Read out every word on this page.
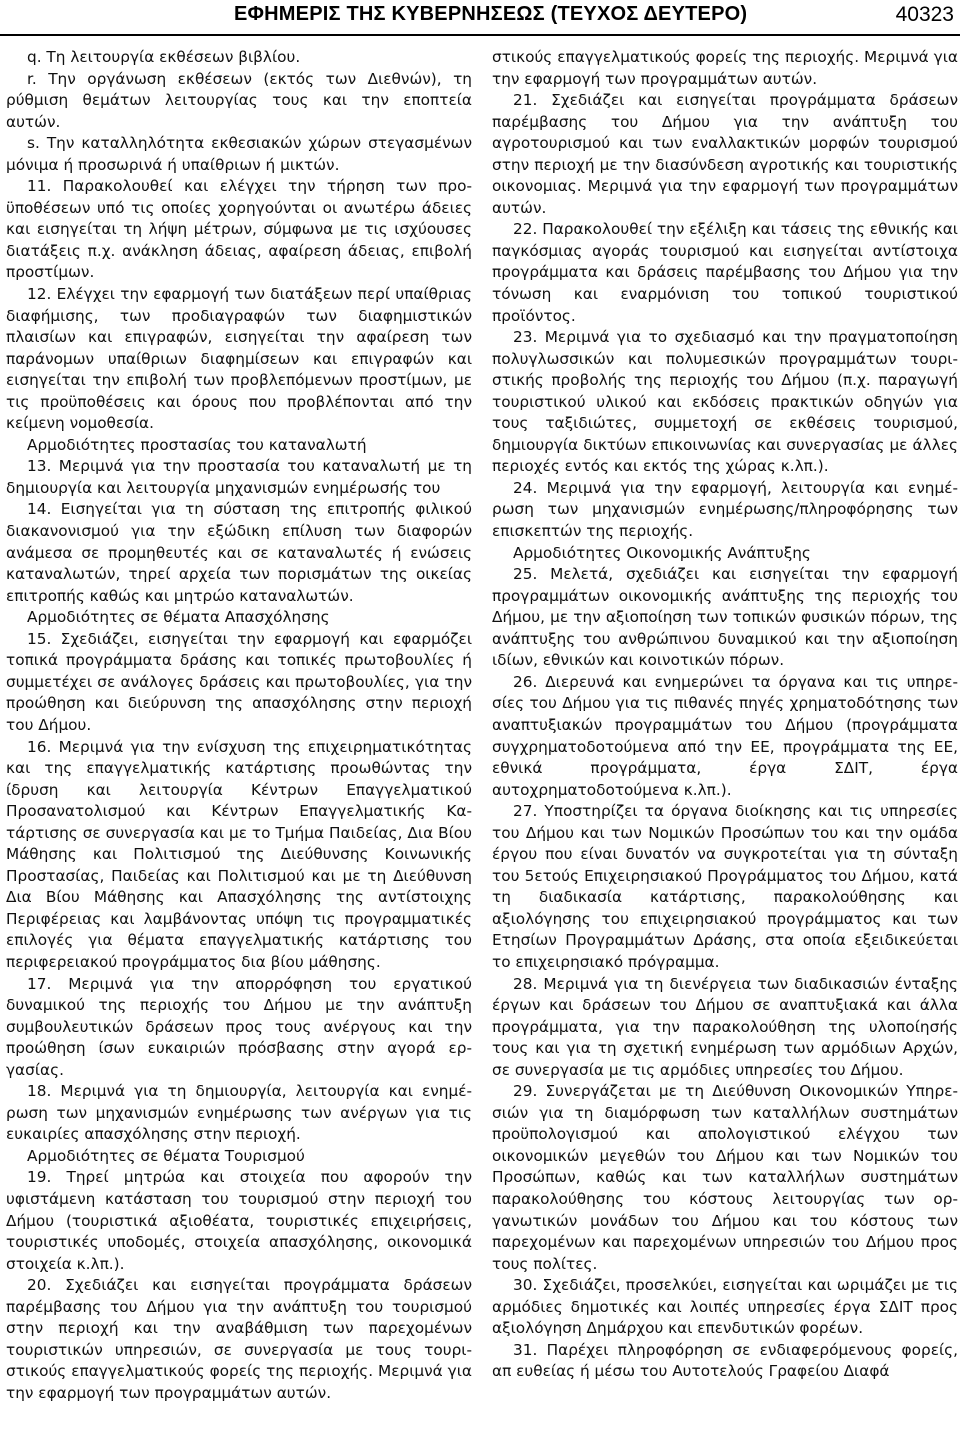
ΕΦΗΜΕΡΙΣ ΤΗΣ ΚΥΒΕΡΝΗΣΕΩΣ (ΤΕΥΧΟΣ ΔΕΥΤΕΡΟ)	40323

q. Τη λειτουργία εκθέσεων βιβλίου.

r. Την οργάνωση εκθέσεων (εκτός των Διεθνών), τη ρύθμιση θεμάτων λειτουργίας τους και την εποπτεία αυτών.

s. Την καταλληλότητα εκθεσιακών χώρων στεγασμένων μόνιμα ή προσωρινά ή υπαίθριων ή μικτών.

11. Παρακολουθεί και ελέγχει την τήρηση των προϋποθέσεων υπό τις οποίες χορηγούνται οι ανωτέρω άδειες και εισηγείται τη λήψη μέτρων, σύμφωνα με τις ισχύουσες διατάξεις π.χ. ανάκληση άδειας, αφαίρεση άδειας, επιβολή προστίμων.

12. Ελέγχει την εφαρμογή των διατάξεων περί υπαίθριας διαφήμισης, των προδιαγραφών των διαφημιστικών πλαισίων και επιγραφών, εισηγείται την αφαίρεση των παράνομων υπαίθριων διαφημίσεων και επιγραφών και εισηγείται την επιβολή των προβλεπόμενων προστίμων, με τις προϋποθέσεις και όρους που προβλέπονται από την κείμενη νομοθεσία.

Αρμοδιότητες προστασίας του καταναλωτή

13. Μεριμνά για την προστασία του καταναλωτή με τη δημιουργία και λειτουργία μηχανισμών ενημέρωσής του

14. Εισηγείται για τη σύσταση της επιτροπής φιλικού διακανονισμού για την εξώδικη επίλυση των διαφορών ανάμεσα σε προμηθευτές και σε καταναλωτές ή ενώσεις καταναλωτών, τηρεί αρχεία των πορισμάτων της οικείας επιτροπής καθώς και μητρώο καταναλωτών.

Αρμοδιότητες σε θέματα Απασχόλησης

15. Σχεδιάζει, εισηγείται την εφαρμογή και εφαρμόζει τοπικά προγράμματα δράσης και τοπικές πρωτοβουλίες ή συμμετέχει σε ανάλογες δράσεις και πρωτοβουλίες, για την προώθηση και διεύρυνση της απασχόλησης στην περιοχή του Δήμου.

16. Μεριμνά για την ενίσχυση της επιχειρηματικότητας και της επαγγελματικής κατάρτισης προωθώντας την ίδρυση και λειτουργία Κέντρων Επαγγελματικού Προσανατολισμού και Κέντρων Επαγγελματικής Κατάρτισης σε συνεργασία και με το Τμήμα Παιδείας, Δια Βίου Μάθησης και Πολιτισμού της Διεύθυνσης Κοινωνικής Προστασίας, Παιδείας και Πολιτισμού και με τη Διεύθυνση Δια Βίου Μάθησης και Απασχόλησης της αντίστοιχης Περιφέρειας και λαμβάνοντας υπόψη τις προγραμματικές επιλογές για θέματα επαγγελματικής κατάρτισης του περιφερειακού προγράμματος δια βίου μάθησης.

17. Μεριμνά για την απορρόφηση του εργατικού δυναμικού της περιοχής του Δήμου με την ανάπτυξη συμβουλευτικών δράσεων προς τους ανέργους και την προώθηση ίσων ευκαιριών πρόσβασης στην αγορά εργασίας.

18. Μεριμνά για τη δημιουργία, λειτουργία και ενημέρωση των μηχανισμών ενημέρωσης των ανέργων για τις ευκαιρίες απασχόλησης στην περιοχή.

Αρμοδιότητες σε θέματα Τουρισμού

19. Τηρεί μητρώα και στοιχεία που αφορούν την υφιστάμενη κατάσταση του τουρισμού στην περιοχή του Δήμου (τουριστικά αξιοθέατα, τουριστικές επιχειρήσεις, τουριστικές υποδομές, στοιχεία απασχόλησης, οικονομικά στοιχεία κ.λπ.).

20. Σχεδιάζει και εισηγείται προγράμματα δράσεων παρέμβασης του Δήμου για την ανάπτυξη του τουρισμού στην περιοχή και την αναβάθμιση των παρεχομένων τουριστικών υπηρεσιών, σε συνεργασία με τους τουριστικούς επαγγελματικούς φορείς της περιοχής. Μεριμνά για την εφαρμογή των προγραμμάτων αυτών.

στικούς επαγγελματικούς φορείς της περιοχής. Μεριμνά για την εφαρμογή των προγραμμάτων αυτών.

21. Σχεδιάζει και εισηγείται προγράμματα δράσεων παρέμβασης του Δήμου για την ανάπτυξη του αγροτουρισμού και των εναλλακτικών μορφών τουρισμού στην περιοχή με την διασύνδεση αγροτικής και τουριστικής οικονομιας. Μεριμνά για την εφαρμογή των προγραμμάτων αυτών.

22. Παρακολουθεί την εξέλιξη και τάσεις της εθνικής και παγκόσμιας αγοράς τουρισμού και εισηγείται αντίστοιχα προγράμματα και δράσεις παρέμβασης του Δήμου για την τόνωση και εναρμόνιση του τοπικού τουριστικού προϊόντος.

23. Μεριμνά για το σχεδιασμό και την πραγματοποίηση πολυγλωσσικών και πολυμεσικών προγραμμάτων τουριστικής προβολής της περιοχής του Δήμου (π.χ. παραγωγή τουριστικού υλικού και εκδόσεις πρακτικών οδηγών για τους ταξιδιώτες, συμμετοχή σε εκθέσεις τουρισμού, δημιουργία δικτύων επικοινωνίας και συνεργασίας με άλλες περιοχές εντός και εκτός της χώρας κ.λπ.).

24. Μεριμνά για την εφαρμογή, λειτουργία και ενημέρωση των μηχανισμών ενημέρωσης/πληροφόρησης των επισκεπτών της περιοχής.

Αρμοδιότητες Οικονομικής Ανάπτυξης

25. Μελετά, σχεδιάζει και εισηγείται την εφαρμογή προγραμμάτων οικονομικής ανάπτυξης της περιοχής του Δήμου, με την αξιοποίηση των τοπικών φυσικών πόρων, της ανάπτυξης του ανθρώπινου δυναμικού και την αξιοποίηση ιδίων, εθνικών και κοινοτικών πόρων.

26. Διερευνά και ενημερώνει τα όργανα και τις υπηρεσίες του Δήμου για τις πιθανές πηγές χρηματοδότησης των αναπτυξιακών προγραμμάτων του Δήμου (προγράμματα συγχρηματοδοτούμενα από την ΕΕ, προγράμματα της ΕΕ, εθνικά προγράμματα, έργα ΣΔΙΤ, έργα αυτοχρηματοδοτούμενα κ.λπ.).

27. Υποστηρίζει τα όργανα διοίκησης και τις υπηρεσίες του Δήμου και των Νομικών Προσώπων του και την ομάδα έργου που είναι δυνατόν να συγκροτείται για τη σύνταξη του 5ετούς Επιχειρησιακού Προγράμματος του Δήμου, κατά τη διαδικασία κατάρτισης, παρακολούθησης και αξιολόγησης του επιχειρησιακού προγράμματος και των Ετησίων Προγραμμάτων Δράσης, στα οποία εξειδικεύεται το επιχειρησιακό πρόγραμμα.

28. Μεριμνά για τη διενέργεια των διαδικασιών ένταξης έργων και δράσεων του Δήμου σε αναπτυξιακά και άλλα προγράμματα, για την παρακολούθηση της υλοποίησής τους και για τη σχετική ενημέρωση των αρμόδιων Αρχών, σε συνεργασία με τις αρμόδιες υπηρεσίες του Δήμου.

29. Συνεργάζεται με τη Διεύθυνση Οικονομικών Υπηρεσιών για τη διαμόρφωση των καταλλήλων συστημάτων προϋπολογισμού και απολογιστικού ελέγχου των οικονομικών μεγεθών του Δήμου και των Νομικών του Προσώπων, καθώς και των καταλλήλων συστημάτων παρακολούθησης του κόστους λειτουργίας των οργανωτικών μονάδων του Δήμου και του κόστους των παρεχομένων και παρεχομένων υπηρεσιών του Δήμου προς τους πολίτες.

30. Σχεδιάζει, προσελκύει, εισηγείται και ωριμάζει με τις αρμόδιες δημοτικές και λοιπές υπηρεσίες έργα ΣΔΙΤ προς αξιολόγηση Δημάρχου και επενδυτικών φορέων.

31. Παρέχει πληροφόρηση σε ενδιαφερόμενους φορείς, απ ευθείας ή μέσω του Αυτοτελούς Γραφείου Διαφά
